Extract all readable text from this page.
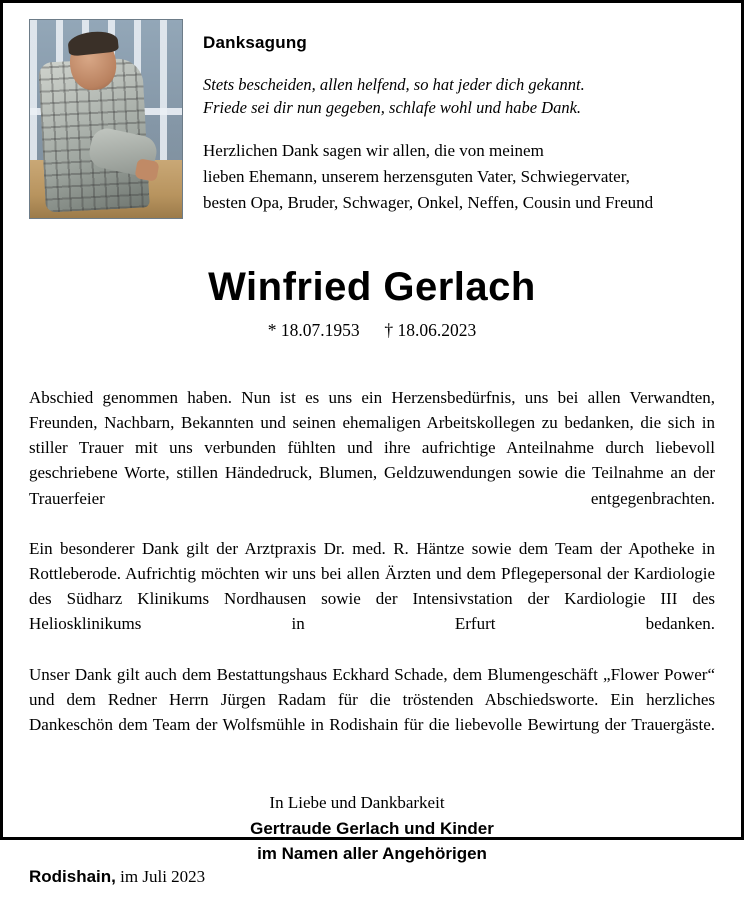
Danksagung
Stets bescheiden, allen helfend, so hat jeder dich gekannt.
Friede sei dir nun gegeben, schlafe wohl und habe Dank.
Herzlichen Dank sagen wir allen, die von meinem
lieben Ehemann, unserem herzensguten Vater, Schwiegervater,
besten Opa, Bruder, Schwager, Onkel, Neffen, Cousin und Freund
Winfried Gerlach
* 18.07.1953 † 18.06.2023

Abschied genommen haben. Nun ist es uns ein Herzensbedürfnis, uns bei allen Verwandten, Freunden, Nachbarn, Bekannten und seinen ehemaligen Arbeitskollegen zu bedanken, die sich in stiller Trauer mit uns verbunden fühlten und ihre aufrichtige Anteilnahme durch liebevoll geschriebene Worte, stillen Händedruck, Blumen, Geldzuwendungen sowie die Teilnahme an der Trauerfeier entgegenbrachten.

Ein besonderer Dank gilt der Arztpraxis Dr. med. R. Häntze sowie dem Team der Apotheke in Rottleberode. Aufrichtig möchten wir uns bei allen Ärzten und dem Pflegepersonal der Kardiologie des Südharz Klinikums Nordhausen sowie der Intensivstation der Kardiologie III des Heliosklinikums in Erfurt bedanken.

Unser Dank gilt auch dem Bestattungshaus Eckhard Schade, dem Blumengeschäft „Flower Power“ und dem Redner Herrn Jürgen Radam für die tröstenden Abschiedsworte. Ein herzliches Dankeschön dem Team der Wolfsmühle in Rodishain für die liebevolle Bewirtung der Trauergäste.

In Liebe und Dankbarkeit
Gertraude Gerlach und Kinder
im Namen aller Angehörigen
Rodishain, im Juli 2023
